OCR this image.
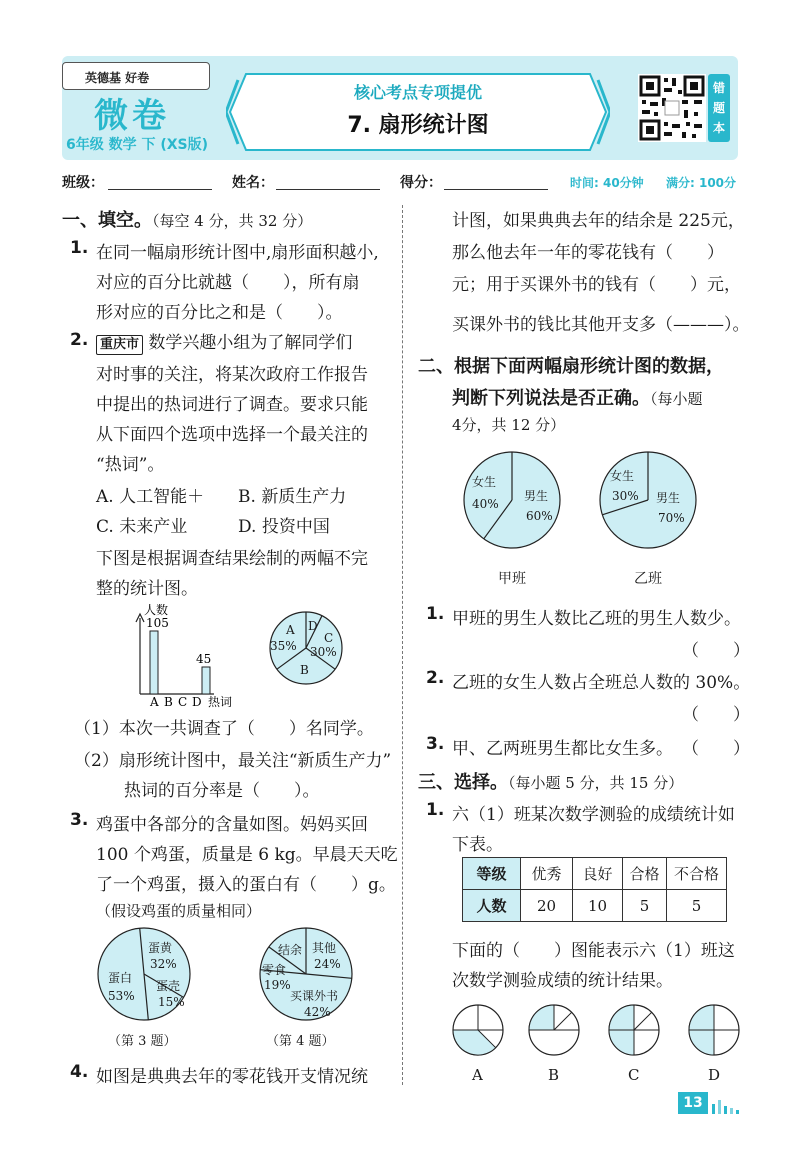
英德基 好卷
微卷
6年级 数学 下 (XS版)
核心考点专项提优
7. 扇形统计图
错题本
班级：	姓名：	得分：	时间: 40分钟 满分: 100分
一、填空。（每空 4 分，共 32 分）
1. 在同一幅扇形统计图中,扇形面积越小,
对应的百分比就越（　　），所有扇
形对应的百分比之和是（　　）。
2. 重庆市 数学兴趣小组为了解同学们
对时事的关注，将某次政府工作报告
中提出的热词进行了调查。要求只能
从下面四个选项中选择一个最关注的
“热词”。
A. 人工智能＋ B. 新质生产力
C. 未来产业	D. 投资中国
下图是根据调查结果绘制的两幅不完
整的统计图。
人数
105
45
A B C D 热词
A
35%
D
C
30%
B
（1）本次一共调查了（　　）名同学。
（2）扇形统计图中，最关注“新质生产力”
热词的百分率是（　　）。
3. 鸡蛋中各部分的含量如图。妈妈买回
100 个鸡蛋，质量是 6 kg。早晨天天吃
了一个鸡蛋，摄入的蛋白有（　　）g。
（假设鸡蛋的质量相同）
蛋黄
32%
蛋白
53%
蛋壳
15%
（第 3 题）
结余 其他
24%
零食
19%
买课外书
42%
（第 4 题）
4. 如图是典典去年的零花钱开支情况统
计图，如果典典去年的结余是 225元，
那么他去年一年的零花钱有（　　）
元；用于买课外书的钱有（　　）元，
买课外书的钱比其他开支多（———）。
二、根据下面两幅扇形统计图的数据，
判断下列说法是否正确。（每小题
4分，共 12 分）
女生
40%
男生
60%
甲班
女生
30% 男生
70%
乙班
1. 甲班的男生人数比乙班的男生人数少。
（　　）
2. 乙班的女生人数占全班总人数的 30%。
（　　）
3. 甲、乙两班男生都比女生多。 （　　）
三、选择。（每小题 5 分，共 15 分）
1. 六（1）班某次数学测验的成绩统计如
下表。
等级	优秀	良好	合格	不合格
人数	20	10	5	5
下面的（　　）图能表示六（1）班这
次数学测验成绩的统计结果。
A	B	C	D
13
